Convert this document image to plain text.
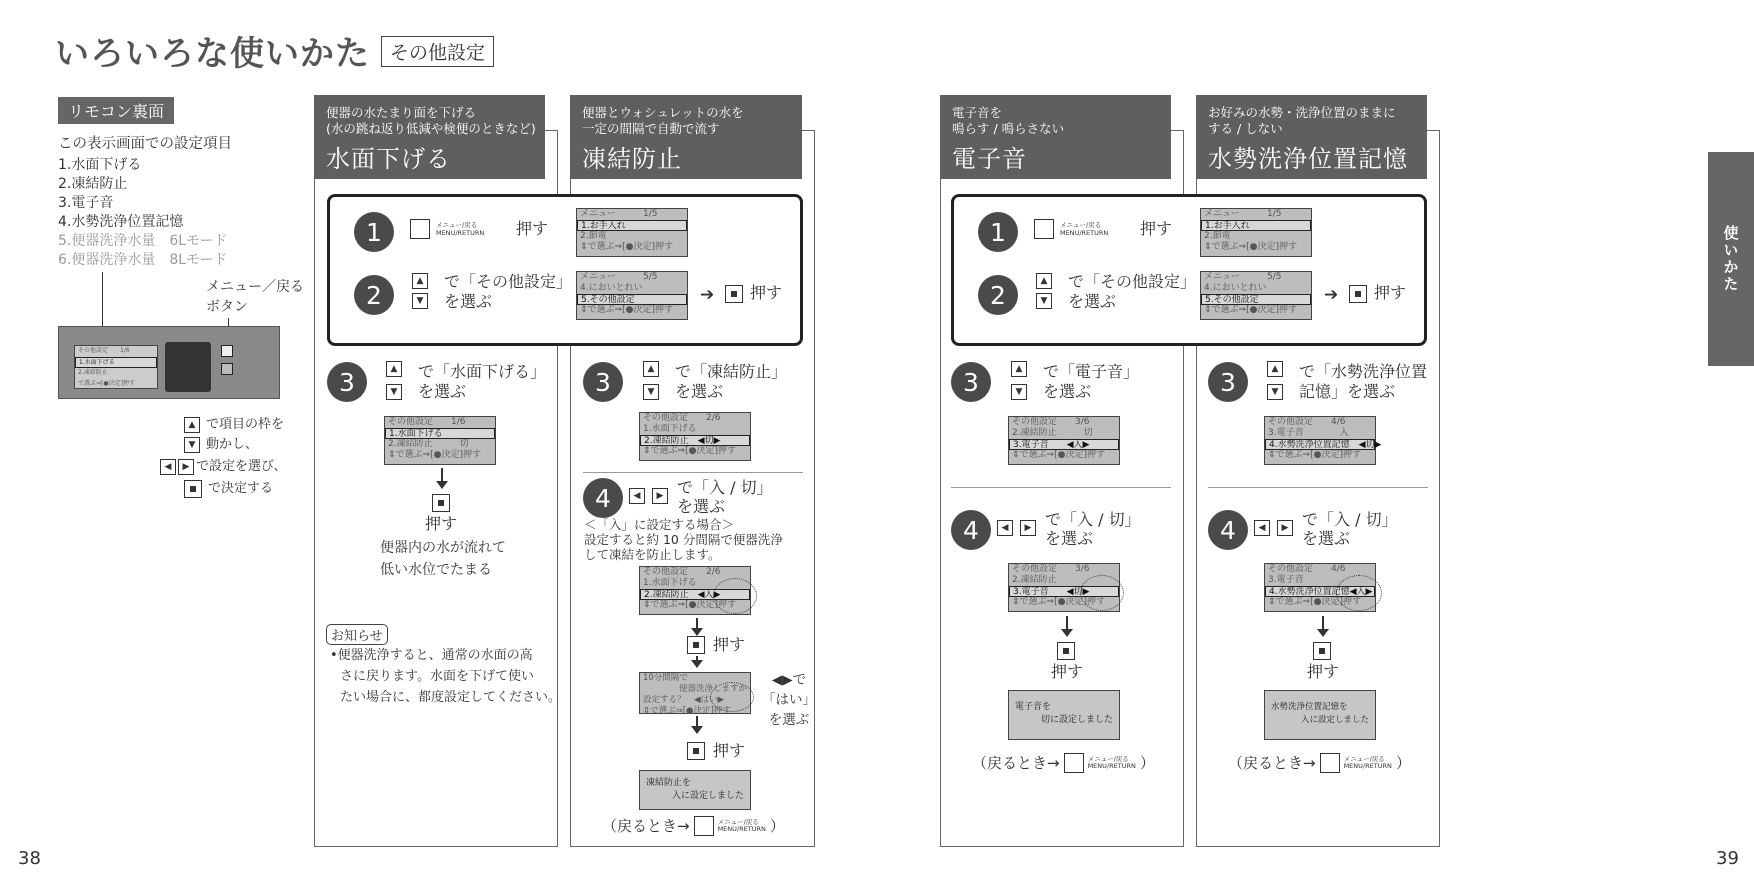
いろいろな使いかた	その他設定
38	39
使いかた
リモコン裏面
この表示画面での設定項目
1.水面下げる
2.凍結防止
3.電子音
4.水勢洗浄位置記憶
5.便器洗浄水量　6Lモード
6.便器洗浄水量　8Lモード
メニュー／戻る
ボタン
その他設定　　1/6
1.水面下げる
2.凍結防止
で選ぶ⇒[●決定]押す
▲ で項目の枠を
▼ 動かし、
◀	▶ で設定を選び、
で決定する
便器の水たまり面を下げる
(水の跳ね返り低減や検便のときなど)
水面下げる
便器とウォシュレットの水を
一定の間隔で自動で流す
凍結防止
1	メニュー/戻る
MENU/RETURN 押す
メニュー　　　1/5
1.お手入れ
2.節電
⇕で選ぶ⇒[●決定]押す
2	▲
▼
で「その他設定」
を選ぶ
メニュー　　　5/5
4.においとれい
5.その他設定
⇕で選ぶ⇒[●決定]押す
➔ 押す
3	▲
▼
で「水面下げる」
を選ぶ
その他設定　　1/6
1.水面下げる
2.凍結防止　　　切
⇕で選ぶ⇒[●決定]押す
押す
便器内の水が流れて
低い水位でたまる
お知らせ
•便器洗浄すると、通常の水面の高
さに戻ります。水面を下げて使い
たい場合に、都度設定してください。
3	▲
▼
で「凍結防止」
を選ぶ
その他設定　　2/6
1.水面下げる
2.凍結防止　◀切▶
⇕で選ぶ⇒[●決定]押す
4	◀	▶ で「入 / 切」
を選ぶ
＜「入」に設定する場合＞
設定すると約 10 分間隔で便器洗浄
して凍結を防止します。
その他設定　　2/6
1.水面下げる
2.凍結防止　◀入▶
⇕で選ぶ⇒[●決定]押す
押す
10分間隔で
便器洗浄しますか
設定する？　◀はい▶
⇕で選ぶ⇒[●決定]押す
◀▶で
「はい」
を選ぶ
押す
凍結防止を
入に設定しました
（戻るとき→	メニュー/戻る
MENU/RETURN ）
電子音を
鳴らす / 鳴らさない
電子音
お好みの水勢・洗浄位置のままに
する / しない
水勢洗浄位置記憶
1	メニュー/戻る
MENU/RETURN 押す
メニュー　　　1/5
1.お手入れ
2.節電
⇕で選ぶ⇒[●決定]押す
2	▲
▼
で「その他設定」
を選ぶ
メニュー　　　5/5
4.においとれい
5.その他設定
⇕で選ぶ⇒[●決定]押す
➔ 押す
3	▲
▼
で「電子音」
を選ぶ
その他設定　　3/6
2.凍結防止　　　切
3.電子音　　◀入▶
⇕で選ぶ⇒[●決定]押す
4	◀	▶ で「入 / 切」
を選ぶ
その他設定　　3/6
2.凍結防止
3.電子音　　◀切▶
⇕で選ぶ⇒[●決定]押す
押す
電子音を
切に設定しました
（戻るとき→	メニュー/戻る
MENU/RETURN ）
3	▲
▼
で「水勢洗浄位置
記憶」を選ぶ
その他設定　　4/6
3.電子音　　　　入
4.水勢洗浄位置記憶　◀切▶
⇕で選ぶ⇒[●決定]押す
4	◀	▶ で「入 / 切」
を選ぶ
その他設定　　4/6
3.電子音
4.水勢洗浄位置記憶◀入▶
⇕で選ぶ⇒[●決定]押す
押す
水勢洗浄位置記憶を
入に設定しました
（戻るとき→	メニュー/戻る
MENU/RETURN ）
